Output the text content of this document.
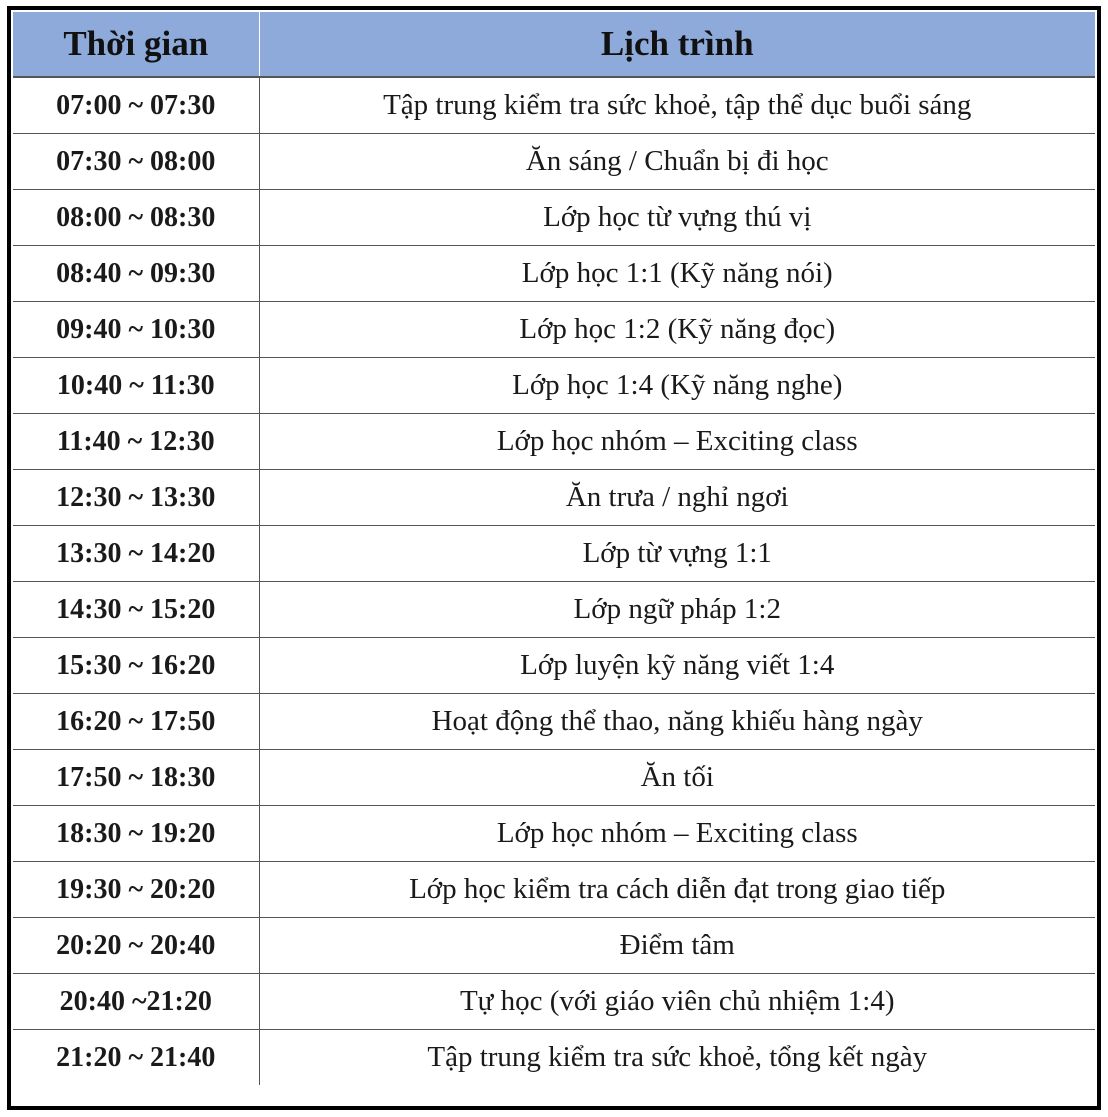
Thời gian	Lịch trình
07:00 ~ 07:30	Tập trung kiểm tra sức khoẻ, tập thể dục buổi sáng
07:30 ~ 08:00	Ăn sáng / Chuẩn bị đi học
08:00 ~ 08:30	Lớp học từ vựng thú vị
08:40 ~ 09:30	Lớp học 1:1 (Kỹ năng nói)
09:40 ~ 10:30	Lớp học 1:2 (Kỹ năng đọc)
10:40 ~ 11:30	Lớp học 1:4 (Kỹ năng nghe)
11:40 ~ 12:30	Lớp học nhóm – Exciting class
12:30 ~ 13:30	Ăn trưa / nghỉ ngơi
13:30 ~ 14:20	Lớp từ vựng 1:1
14:30 ~ 15:20	Lớp ngữ pháp 1:2
15:30 ~ 16:20	Lớp luyện kỹ năng viết 1:4
16:20 ~ 17:50	Hoạt động thể thao, năng khiếu hàng ngày
17:50 ~ 18:30	Ăn tối
18:30 ~ 19:20	Lớp học nhóm – Exciting class
19:30 ~ 20:20	Lớp học kiểm tra cách diễn đạt trong giao tiếp
20:20 ~ 20:40	Điểm tâm
20:40 ~21:20	Tự học (với giáo viên chủ nhiệm 1:4)
21:20 ~ 21:40	Tập trung kiểm tra sức khoẻ, tổng kết ngày
